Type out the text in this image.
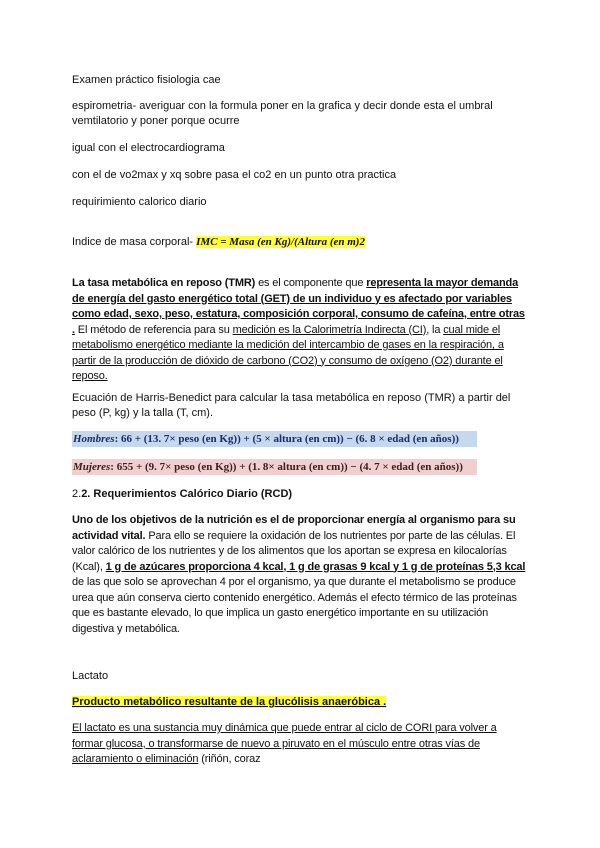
Examen práctico fisiologia cae
espirometria- averiguar con la formula poner en la grafica y decir donde esta el umbral
vemtilatorio y poner porque ocurre
igual con el electrocardiograma
con el de vo2max y xq sobre pasa el co2 en un punto otra practica
requirimiento calorico diario
Indice de masa corporal- IMC = Masa (en Kg)/(Altura (en m)2
La tasa metabólica en reposo (TMR) es el componente que representa la mayor demanda de energía del gasto energético total (GET) de un individuo y es afectado por variables como edad, sexo, peso, estatura, composición corporal, consumo de cafeína, entre otras . El método de referencia para su medición es la Calorimetría Indirecta (CI), la cual mide el metabolismo energético mediante la medición del intercambio de gases en la respiración, a partir de la producción de dióxido de carbono (CO2) y consumo de oxígeno (O2) durante el reposo.
Ecuación de Harris-Benedict para calcular la tasa metabólica en reposo (TMR) a partir del
peso (P, kg) y la talla (T, cm).
Hombres: 66 + (13. 7× peso (en Kg)) + (5 × altura (en cm)) − (6. 8 × edad (en años))
Mujeres: 655 + (9. 7× peso (en Kg)) + (1. 8× altura (en cm)) − (4. 7 × edad (en años))
2.2. Requerimientos Calórico Diario (RCD)
Uno de los objetivos de la nutrición es el de proporcionar energía al organismo para su actividad vital. Para ello se requiere la oxidación de los nutrientes por parte de las células. El valor calórico de los nutrientes y de los alimentos que los aportan se expresa en kilocalorías (Kcal), 1 g de azúcares proporciona 4 kcal, 1 g de grasas 9 kcal y 1 g de proteínas 5,3 kcal de las que solo se aprovechan 4 por el organismo, ya que durante el metabolismo se produce urea que aún conserva cierto contenido energético. Además el efecto térmico de las proteínas que es bastante elevado, lo que implica un gasto energético importante en su utilización digestiva y metabólica.
Lactato
Producto metabólico resultante de la glucólisis anaeróbica .
El lactato es una sustancia muy dinámica que puede entrar al ciclo de CORI para volver a formar glucosa, o transformarse de nuevo a piruvato en el músculo entre otras vías de aclaramiento o eliminación (riñón, coraz
